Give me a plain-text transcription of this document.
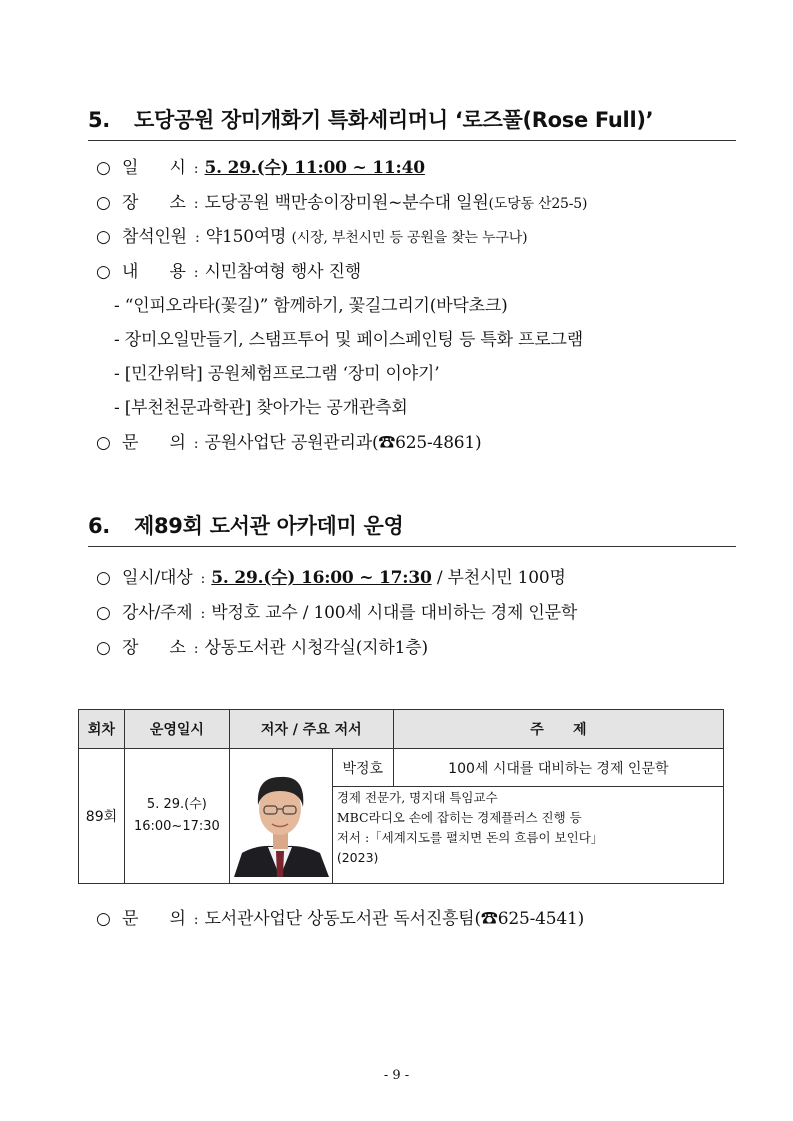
5. 도당공원 장미개화기 특화세리머니 ‘로즈풀(Rose Full)’
○ 일      시 : 5. 29.(수) 11:00 ~ 11:40
○ 장      소 : 도당공원 백만송이장미원~분수대 일원(도당동 산25-5)
○ 참석인원 : 약150여명 (시장, 부천시민 등 공원을 찾는 누구나)
○ 내      용 : 시민참여형 행사 진행
- “인피오라타(꽃길)” 함께하기, 꽃길그리기(바닥초크)
- 장미오일만들기, 스탬프투어 및 페이스페인팅 등 특화 프로그램
- [민간위탁] 공원체험프로그램 ‘장미 이야기’
- [부천천문과학관] 찾아가는 공개관측회
○ 문      의 : 공원사업단 공원관리과(☎625-4861)
6. 제89회 도서관 아카데미 운영
○ 일시/대상 : 5. 29.(수) 16:00 ~ 17:30 / 부천시민 100명
○ 강사/주제 : 박정호 교수 / 100세 시대를 대비하는 경제 인문학
○ 장      소 : 상동도서관 시청각실(지하1층)
회차	운영일시	저자 / 주요 저서		주      제
89회	5. 29.(수)
16:00~17:30		박정호	100세 시대를 대비하는 경제 인문학

			경제 전문가, 명지대 특임교수
MBC라디오 손에 잡히는 경제플러스 진행 등
저서 :「세계지도를 펼치면 돈의 흐름이 보인다」
(2023)	
○ 문      의 : 도서관사업단 상동도서관 독서진흥팀(☎625-4541)
- 9 -
